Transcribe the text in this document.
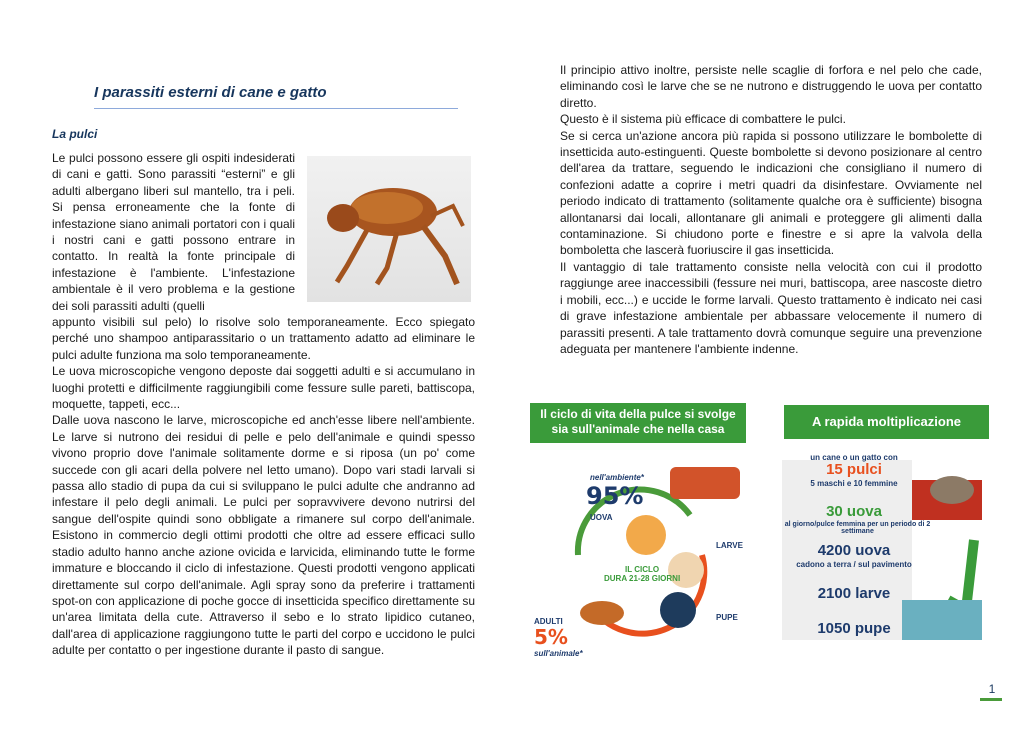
I parassiti esterni di cane e gatto
La pulci

Le pulci possono essere gli ospiti indesiderati di cani e gatti. Sono parassiti “esterni” e gli adulti albergano liberi sul mantello, tra i peli. Si pensa erroneamente che la fonte di infestazione siano animali portatori con i quali i nostri cani e gatti possono entrare in contatto. In realtà la fonte principale di infestazione è l'ambiente. L'infestazione ambientale è il vero problema e la gestione dei soli parassiti adulti (quelli

appunto visibili sul pelo) lo risolve solo temporaneamente. Ecco spiegato perché uno shampoo antiparassitario o un trattamento adatto ad eliminare le pulci adulte funziona ma solo temporaneamente.

Le uova microscopiche vengono deposte dai soggetti adulti e si accumulano in luoghi protetti e difficilmente raggiungibili come fessure sulle pareti, battiscopa, moquette, tappeti, ecc...

Dalle uova nascono le larve, microscopiche ed anch'esse libere nell'ambiente. Le larve si nutrono dei residui di pelle e pelo dell'animale e quindi spesso vivono proprio dove l'animale solitamente dorme e si riposa (un po' come succede con gli acari della polvere nel letto umano). Dopo vari stadi larvali si passa allo stadio di pupa da cui si sviluppano le pulci adulte che andranno ad infestare il pelo degli animali. Le pulci per sopravvivere devono nutrirsi del sangue dell'ospite quindi sono obbligate a rimanere sul corpo dell'animale. Esistono in commercio degli ottimi prodotti che oltre ad essere efficaci sullo stadio adulto hanno anche azione ovicida e larvicida, eliminando tutte le forme immature e bloccando il ciclo di infestazione. Questi prodotti vengono applicati direttamente sul corpo dell'animale. Agli spray sono da preferire i trattamenti spot-on con applicazione di poche gocce di insetticida specifico direttamente su un'area limitata della cute. Attraverso il sebo e lo strato lipidico cutaneo, dall'area di applicazione raggiungono tutte le parti del corpo e uccidono le pulci adulte per contatto o per ingestione durante il pasto di sangue.

Il principio attivo inoltre, persiste nelle scaglie di forfora e nel pelo che cade, eliminando così le larve che se ne nutrono e distruggendo le uova per contatto diretto.

Questo è il sistema più efficace di combattere le pulci.

Se si cerca un'azione ancora più rapida si possono utilizzare le bombolette di insetticida auto-estinguenti. Queste bombolette si devono posizionare al centro dell'area da trattare, seguendo le indicazioni che consigliano il numero di confezioni adatte a coprire i metri quadri da disinfestare. Ovviamente nel periodo indicato di trattamento (solitamente qualche ora è sufficiente) bisogna allontanarsi dai locali, allontanare gli animali e proteggere gli alimenti dalla contaminazione. Si chiudono porte e finestre e si apre la valvola della bomboletta che lascerà fuoriuscire il gas insetticida.

Il vantaggio di tale trattamento consiste nella velocità con cui il prodotto raggiunge aree inaccessibili (fessure nei muri, battiscopa, aree nascoste dietro i mobili, ecc...) e uccide le forme larvali. Questo trattamento è indicato nei casi di grave infestazione ambientale per abbassare velocemente il numero di parassiti presenti. A tale trattamento dovrà comunque seguire una prevenzione adeguata per mantenere l'ambiente indenne.

Il ciclo di vita della pulce si svolge
sia sull'animale che nella casa
nell'ambiente*
95%
UOVA
LARVE
IL CICLO
DURA 21-28 GIORNI
PUPE
ADULTI
5%
sull'animale*
A rapida moltiplicazione
un cane o un gatto con
15 pulci
5 maschi e 10 femmine
30 uova
al giorno/pulce femmina per un periodo di 2 settimane
4200 uova
cadono a terra / sul pavimento
2100 larve
1050 pupe
1
